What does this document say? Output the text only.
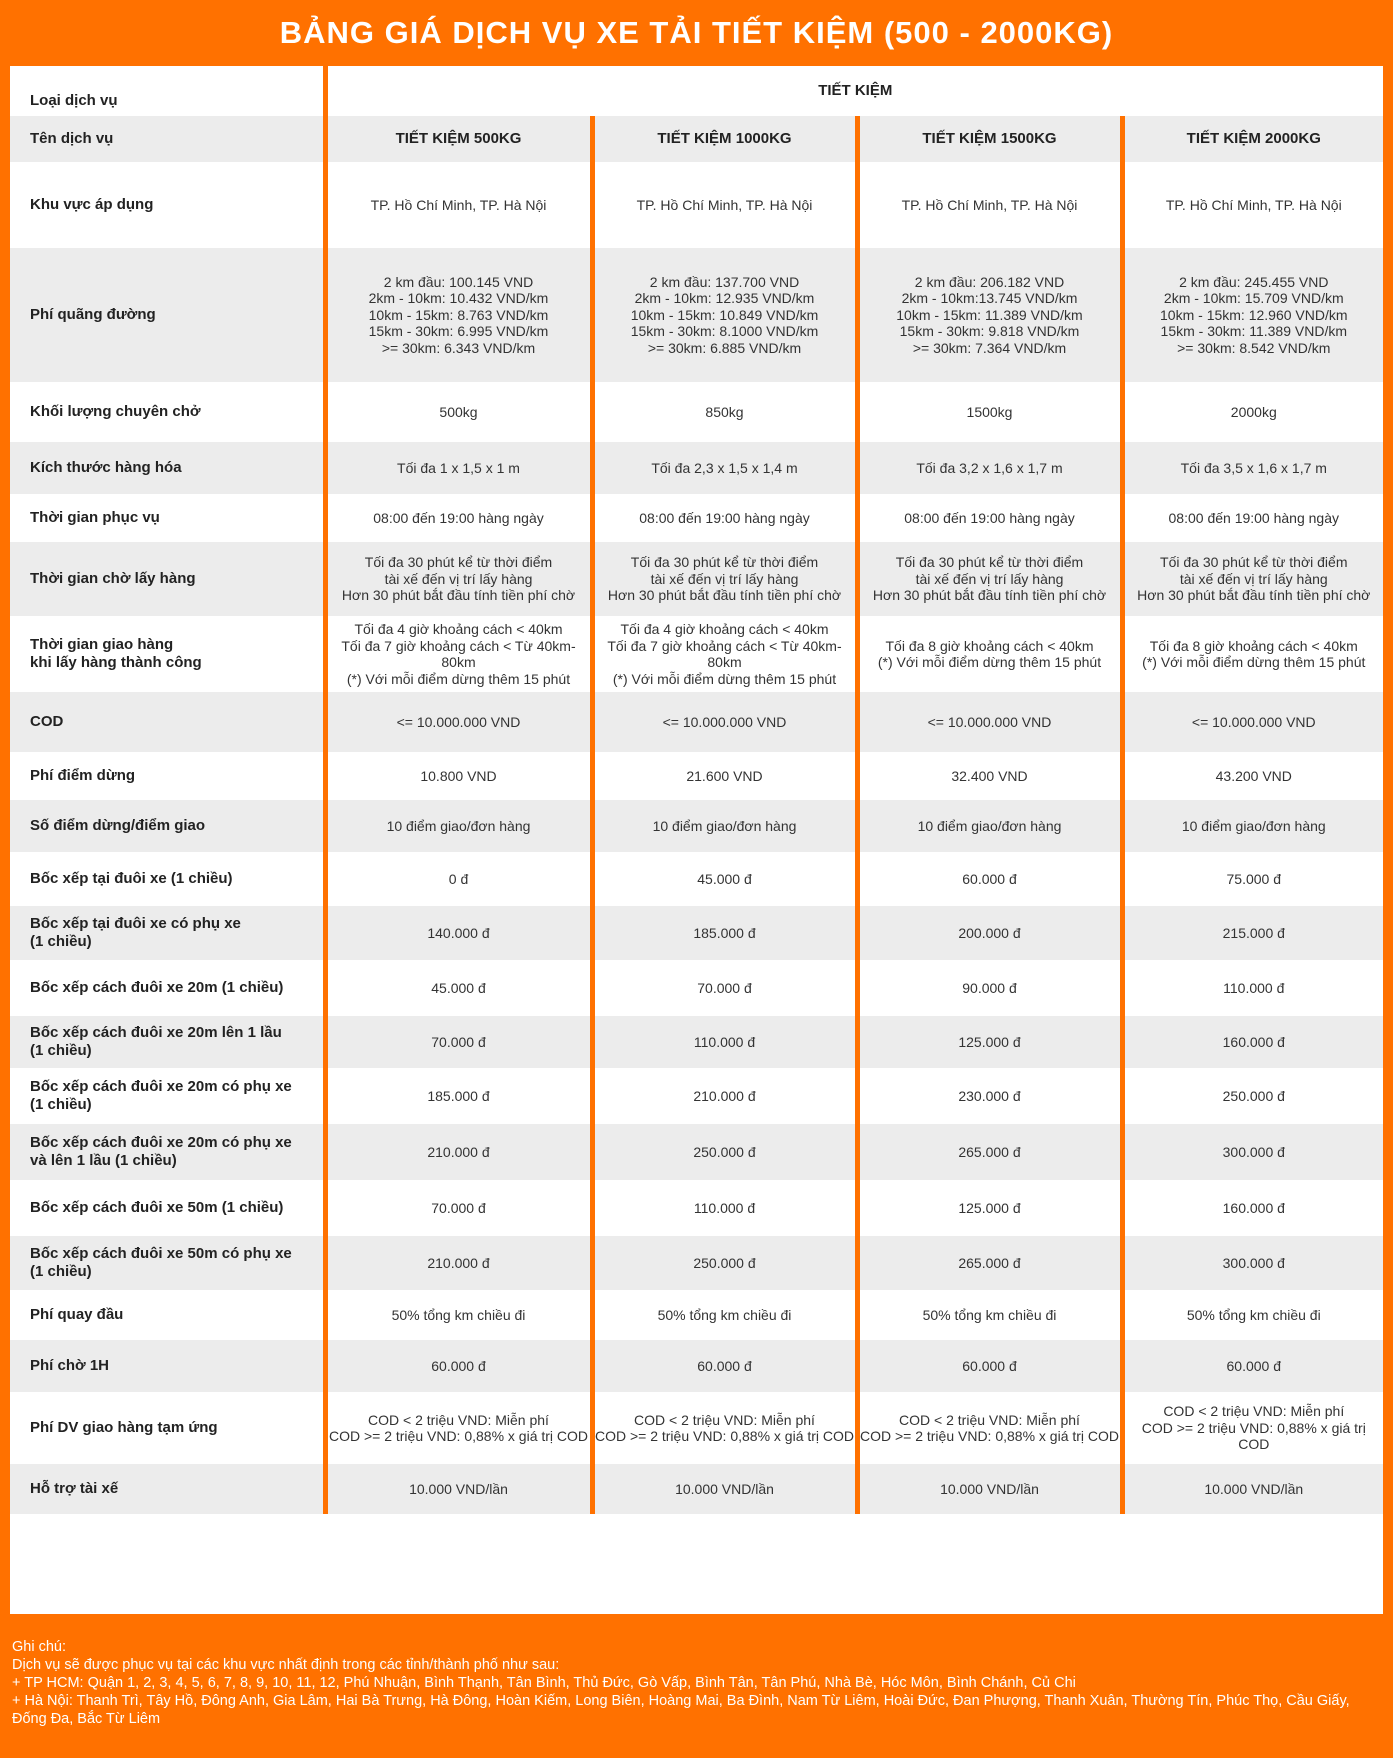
BẢNG GIÁ DỊCH VỤ XE TẢI TIẾT KIỆM (500 - 2000KG)
Loại dịch vụ	TIẾT KIỆM			
Tên dịch vụ	TIẾT KIỆM 500KG	TIẾT KIỆM 1000KG	TIẾT KIỆM 1500KG	TIẾT KIỆM 2000KG

Khu vực áp dụng	TP. Hồ Chí Minh, TP. Hà Nội	TP. Hồ Chí Minh, TP. Hà Nội	TP. Hồ Chí Minh, TP. Hà Nội	TP. Hồ Chí Minh, TP. Hà Nội

Phí quãng đường	2 km đầu: 100.145 VND
2km - 10km: 10.432 VND/km
10km - 15km: 8.763 VND/km
15km - 30km: 6.995 VND/km
>= 30km: 6.343 VND/km	2 km đầu: 137.700 VND
2km - 10km: 12.935 VND/km
10km - 15km: 10.849 VND/km
15km - 30km: 8.1000 VND/km
>= 30km: 6.885 VND/km	2 km đầu: 206.182 VND
2km - 10km:13.745 VND/km
10km - 15km: 11.389 VND/km
15km - 30km: 9.818 VND/km
>= 30km: 7.364 VND/km	2 km đầu: 245.455 VND
2km - 10km: 15.709 VND/km
10km - 15km: 12.960 VND/km
15km - 30km: 11.389 VND/km
>= 30km: 8.542 VND/km

Khối lượng chuyên chở	500kg	850kg	1500kg	2000kg

Kích thước hàng hóa	Tối đa 1 x 1,5 x 1 m	Tối đa 2,3 x 1,5 x 1,4 m	Tối đa 3,2 x 1,6 x 1,7 m	Tối đa 3,5 x 1,6 x 1,7 m

Thời gian phục vụ	08:00 đến 19:00 hàng ngày	08:00 đến 19:00 hàng ngày	08:00 đến 19:00 hàng ngày	08:00 đến 19:00 hàng ngày

Thời gian chờ lấy hàng	Tối đa 30 phút kể từ thời điểm
tài xế đến vị trí lấy hàng
Hơn 30 phút bắt đầu tính tiền phí chờ	Tối đa 30 phút kể từ thời điểm
tài xế đến vị trí lấy hàng
Hơn 30 phút bắt đầu tính tiền phí chờ	Tối đa 30 phút kể từ thời điểm
tài xế đến vị trí lấy hàng
Hơn 30 phút bắt đầu tính tiền phí chờ	Tối đa 30 phút kể từ thời điểm
tài xế đến vị trí lấy hàng
Hơn 30 phút bắt đầu tính tiền phí chờ

Thời gian giao hàng
khi lấy hàng thành công	Tối đa 4 giờ khoảng cách < 40km
Tối đa 7 giờ khoảng cách < Từ 40km-80km
(*) Với mỗi điểm dừng thêm 15 phút	Tối đa 4 giờ khoảng cách < 40km
Tối đa 7 giờ khoảng cách < Từ 40km-80km
(*) Với mỗi điểm dừng thêm 15 phút	Tối đa 8 giờ khoảng cách < 40km
(*) Với mỗi điểm dừng thêm 15 phút	Tối đa 8 giờ khoảng cách < 40km
(*) Với mỗi điểm dừng thêm 15 phút

COD	<= 10.000.000 VND	<= 10.000.000 VND	<= 10.000.000 VND	<= 10.000.000 VND

Phí điểm dừng	10.800 VND	21.600 VND	32.400 VND	43.200 VND

Số điểm dừng/điểm giao	10 điểm giao/đơn hàng	10 điểm giao/đơn hàng	10 điểm giao/đơn hàng	10 điểm giao/đơn hàng

Bốc xếp tại đuôi xe (1 chiều)	0 đ	45.000 đ	60.000 đ	75.000 đ

Bốc xếp tại đuôi xe có phụ xe
(1 chiều)	140.000 đ	185.000 đ	200.000 đ	215.000 đ

Bốc xếp cách đuôi xe 20m (1 chiều)	45.000 đ	70.000 đ	90.000 đ	110.000 đ

Bốc xếp cách đuôi xe 20m lên 1 lầu
(1 chiều)	70.000 đ	110.000 đ	125.000 đ	160.000 đ

Bốc xếp cách đuôi xe 20m có phụ xe
(1 chiều)	185.000 đ	210.000 đ	230.000 đ	250.000 đ

Bốc xếp cách đuôi xe 20m có phụ xe
và lên 1 lầu (1 chiều)	210.000 đ	250.000 đ	265.000 đ	300.000 đ

Bốc xếp cách đuôi xe 50m (1 chiều)	70.000 đ	110.000 đ	125.000 đ	160.000 đ

Bốc xếp cách đuôi xe 50m có phụ xe
(1 chiều)	210.000 đ	250.000 đ	265.000 đ	300.000 đ

Phí quay đầu	50% tổng km chiều đi	50% tổng km chiều đi	50% tổng km chiều đi	50% tổng km chiều đi

Phí chờ 1H	60.000 đ	60.000 đ	60.000 đ	60.000 đ

Phí DV giao hàng tạm ứng	COD < 2 triệu VND: Miễn phí
COD >= 2 triệu VND: 0,88% x giá trị COD	COD < 2 triệu VND: Miễn phí
COD >= 2 triệu VND: 0,88% x giá trị COD	COD < 2 triệu VND: Miễn phí
COD >= 2 triệu VND: 0,88% x giá trị COD	COD < 2 triệu VND: Miễn phí
COD >= 2 triệu VND: 0,88% x giá trị COD

Hỗ trợ tài xế	10.000 VND/lần	10.000 VND/lần	10.000 VND/lần	10.000 VND/lần
Ghi chú:
Dịch vụ sẽ được phục vụ tại các khu vực nhất định trong các tỉnh/thành phố như sau:
+ TP HCM: Quận 1, 2, 3, 4, 5, 6, 7, 8, 9, 10, 11, 12, Phú Nhuận, Bình Thạnh, Tân Bình, Thủ Đức, Gò Vấp, Bình Tân, Tân Phú, Nhà Bè, Hóc Môn, Bình Chánh, Củ Chi
+ Hà Nội: Thanh Trì, Tây Hồ, Đông Anh, Gia Lâm, Hai Bà Trưng, Hà Đông, Hoàn Kiếm, Long Biên, Hoàng Mai, Ba Đình, Nam Từ Liêm, Hoài Đức, Đan Phượng, Thanh Xuân, Thường Tín, Phúc Thọ, Cầu Giấy, Đống Đa, Bắc Từ Liêm
